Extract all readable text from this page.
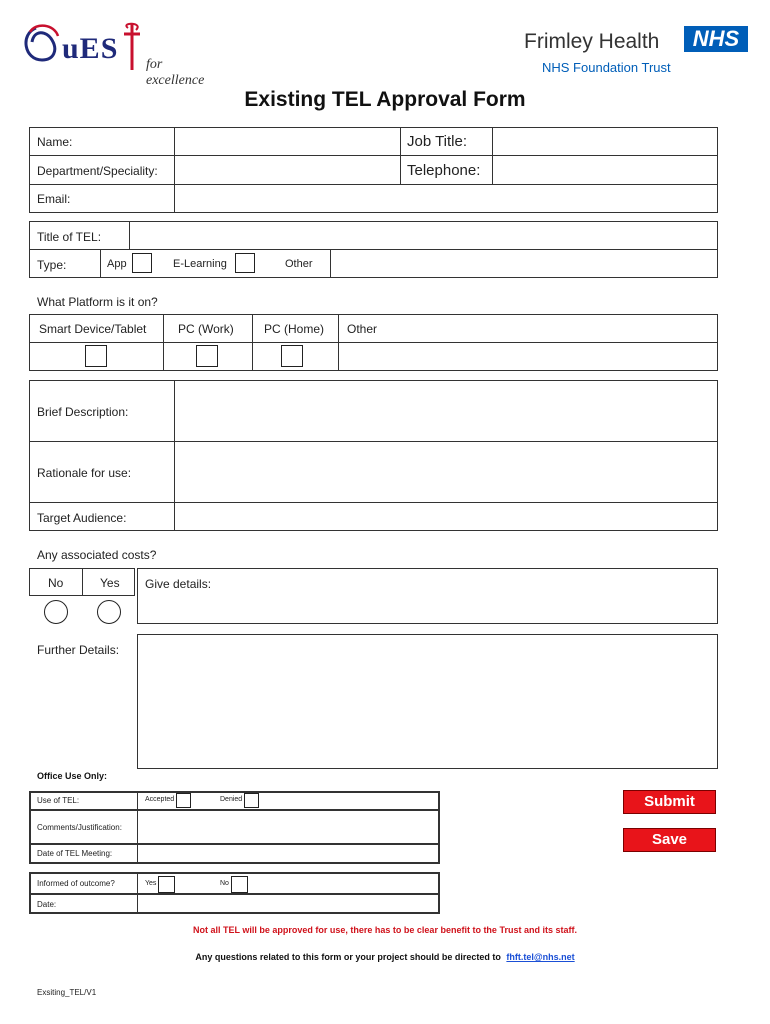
uES for excellence
Frimley Health	NHS
NHS Foundation Trust
Existing TEL Approval Form
Name:	Job Title:
Department/Speciality:	Telephone:
Email:
Title of TEL:
Type:	App	E-Learning	Other
What Platform is it on?
Smart Device/Tablet	PC (Work)	PC (Home) Other
Brief Description:
Rationale for use:
Target Audience:
Any associated costs?
No	Yes Give details:
Further Details:
Office Use Only:
Use of TEL:	Accepted	Denied
Comments/Justification:
Date of TEL Meeting:
Informed of outcome?	Yes	No
Date:
Submit
Save
Not all TEL will be approved for use, there has to be clear benefit to the Trust and its staff.
Any questions related to this form or your project should be directed to fhft.tel@nhs.net
Exsiting_TEL/V1
